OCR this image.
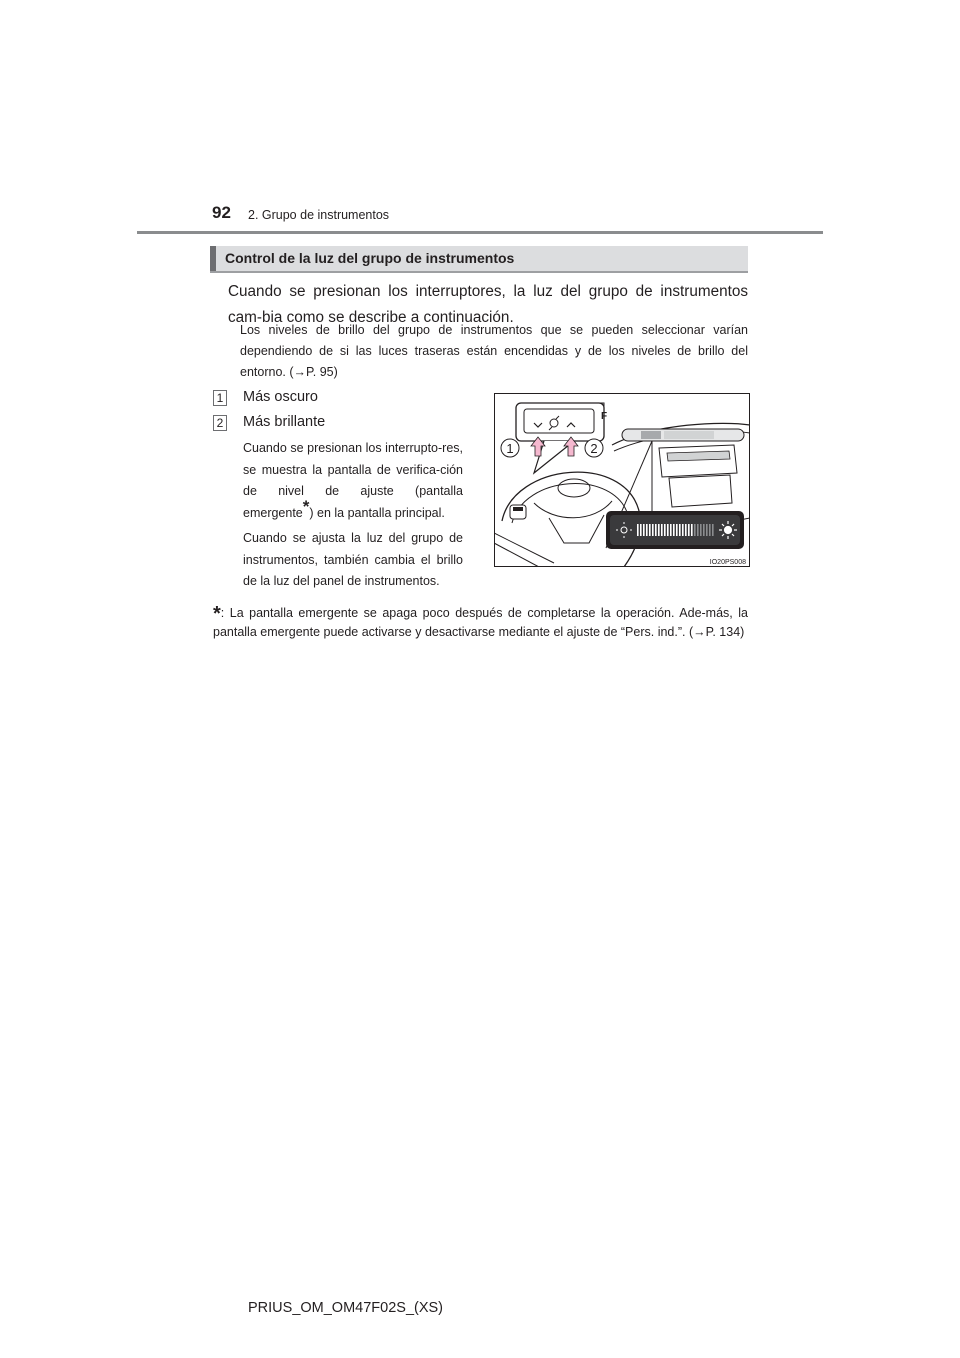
92 2. Grupo de instrumentos
Control de la luz del grupo de instrumentos
Cuando se presionan los interruptores, la luz del grupo de instrumentos cam-bia como se describe a continuación.
Los niveles de brillo del grupo de instrumentos que se pueden seleccionar varían dependiendo de si las luces traseras están encendidas y de los niveles de brillo del entorno. (→P. 95)
1 Más oscuro
2 Más brillante

Cuando se presionan los interrupto-res, se muestra la pantalla de verifica-ción de nivel de ajuste (pantalla emergente*) en la pantalla principal.

Cuando se ajusta la luz del grupo de instrumentos, también cambia el brillo de la luz del panel de instrumentos.

F
1	2
IO20PS008
*: La pantalla emergente se apaga poco después de completarse la operación. Ade-más, la pantalla emergente puede activarse y desactivarse mediante el ajuste de “Pers. ind.”. (→P. 134)
PRIUS_OM_OM47F02S_(XS)
